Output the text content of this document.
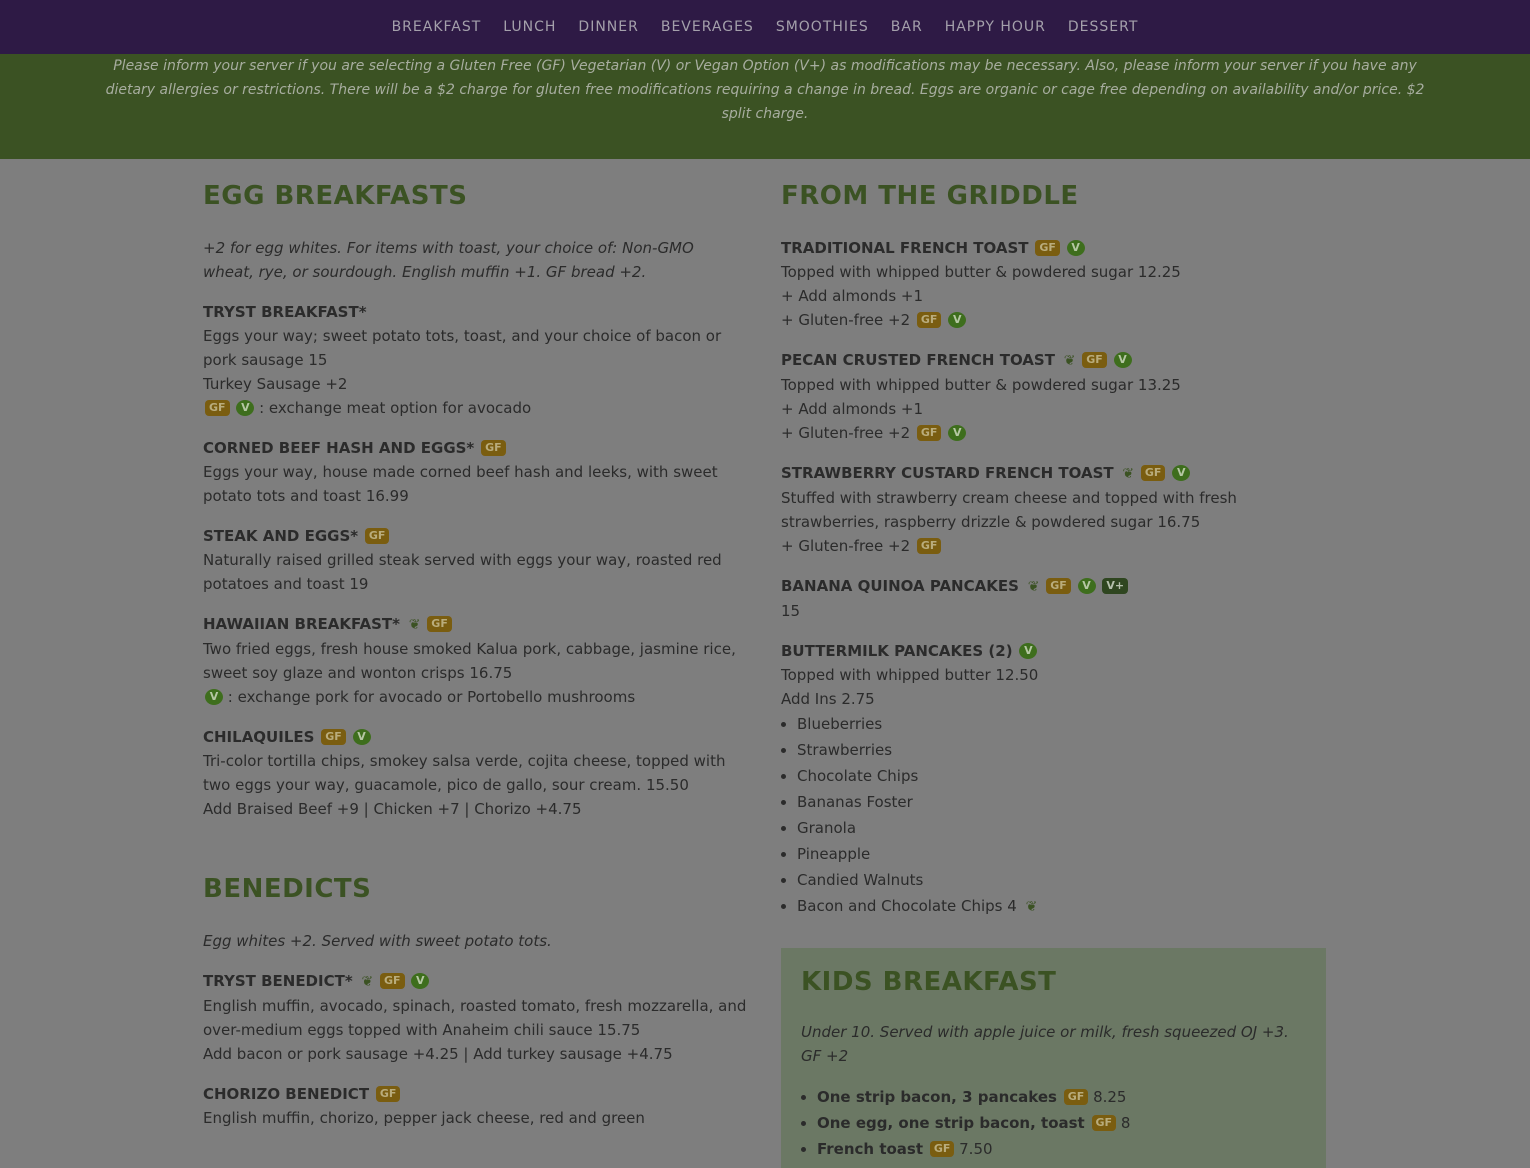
BREAKFAST LUNCH DINNER BEVERAGES SMOOTHIES BAR HAPPY HOUR DESSERT

Please inform your server if you are selecting a Gluten Free (GF) Vegetarian (V) or Vegan Option (V+) as modifications may be necessary. Also, please inform your server if you have any dietary allergies or restrictions. There will be a $2 charge for gluten free modifications requiring a change in bread. Eggs are organic or cage free depending on availability and/or price. $2 split charge.

EGG BREAKFASTS

+2 for egg whites. For items with toast, your choice of: Non-GMO wheat, rye, or sourdough. English muffin +1. GF bread +2.

TRYST BREAKFAST*
Eggs your way; sweet potato tots, toast, and your choice of bacon or pork sausage 15
Turkey Sausage +2
GF V : exchange meat option for avocado
CORNED BEEF HASH AND EGGS* GF
Eggs your way, house made corned beef hash and leeks, with sweet potato tots and toast 16.99
STEAK AND EGGS* GF
Naturally raised grilled steak served with eggs your way, roasted red potatoes and toast 19
HAWAIIAN BREAKFAST* ❦ GF
Two fried eggs, fresh house smoked Kalua pork, cabbage, jasmine rice, sweet soy glaze and wonton crisps 16.75
V : exchange pork for avocado or Portobello mushrooms
CHILAQUILES GF V
Tri-color tortilla chips, smokey salsa verde, cojita cheese, topped with two eggs your way, guacamole, pico de gallo, sour cream. 15.50
Add Braised Beef +9 | Chicken +7 | Chorizo +4.75
BENEDICTS

Egg whites +2. Served with sweet potato tots.

TRYST BENEDICT* ❦ GF V
English muffin, avocado, spinach, roasted tomato, fresh mozzarella, and over-medium eggs topped with Anaheim chili sauce 15.75
Add bacon or pork sausage +4.25 | Add turkey sausage +4.75
CHORIZO BENEDICT GF
English muffin, chorizo, pepper jack cheese, red and green
FROM THE GRIDDLE
TRADITIONAL FRENCH TOAST GF V
Topped with whipped butter & powdered sugar 12.25
+ Add almonds +1
+ Gluten-free +2 GF V
PECAN CRUSTED FRENCH TOAST ❦ GF V
Topped with whipped butter & powdered sugar 13.25
+ Add almonds +1
+ Gluten-free +2 GF V
STRAWBERRY CUSTARD FRENCH TOAST ❦ GF V
Stuffed with strawberry cream cheese and topped with fresh strawberries, raspberry drizzle & powdered sugar 16.75
+ Gluten-free +2 GF
BANANA QUINOA PANCAKES ❦ GF V V+
15
BUTTERMILK PANCAKES (2) V
Topped with whipped butter 12.50
Add Ins 2.75
• Blueberries
• Strawberries
• Chocolate Chips
• Bananas Foster
• Granola
• Pineapple
• Candied Walnuts
• Bacon and Chocolate Chips 4 ❦
KIDS BREAKFAST

Under 10. Served with apple juice or milk, fresh squeezed OJ +3. GF +2

• One strip bacon, 3 pancakes GF 8.25
• One egg, one strip bacon, toast GF 8
• French toast GF 7.50
